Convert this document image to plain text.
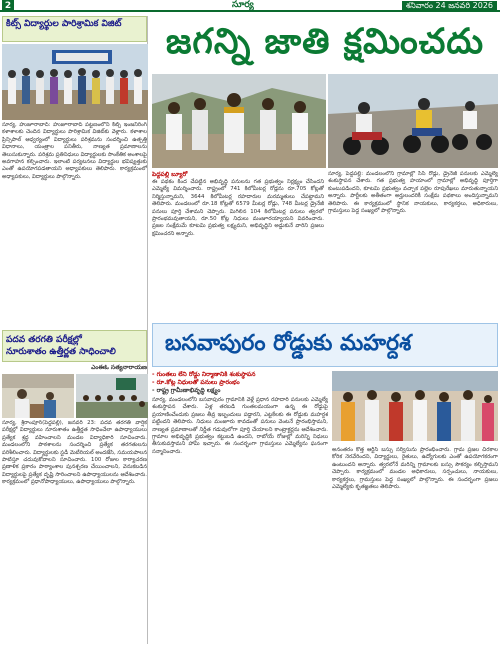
2	సూర్య	శనివారం 24 జనవరి 2026
కిట్స్ విద్యార్థుల పారిశ్రామిక విజిట్
సూర్య, హుజూరాబాద్: హుజూరాబాద్ పట్టణంలోని కిట్స్ ఇంజనీరింగ్ కళాశాలకు చెందిన విద్యార్థులు పారిశ్రామిక విజిట్‌కు వెళ్లారు. కళాశాల ప్రిన్సిపాల్ ఆధ్వర్యంలో విద్యార్థులు పరిశ్రమను సందర్శించి ఉత్పత్తి విధానాలు, యంత్రాల పనితీరు, నాణ్యత ప్రమాణాలను తెలుసుకున్నారు. పరిశ్రమ ప్రతినిధులు విద్యార్థులకు సాంకేతిక అంశాలపై అవగాహన కల్పించారు. ఇలాంటి పర్యటనలు విద్యార్థుల భవిష్యత్తుకు ఎంతో ఉపయోగపడతాయని అధ్యాపకులు తెలిపారు. కార్యక్రమంలో అధ్యాపకులు, విద్యార్థులు పాల్గొన్నారు.
పదవ తరగతి పరీక్షల్లో
నూరుశాతం ఉత్తీర్ణత సాధించాలి
ఎంఈఓ సత్యనారాయణ
సూర్య, శ్రీరాంపూర్(పెద్దపల్లి), జనవరి 23: పదవ తరగతి వార్షిక పరీక్షల్లో విద్యార్థులు నూరుశాతం ఉత్తీర్ణత సాధించేలా ఉపాధ్యాయులు ప్రత్యేక శ్రద్ధ వహించాలని మండల విద్యాధికారి సూచించారు. మండలంలోని పాఠశాలను సందర్శించి ప్రత్యేక తరగతులను పరిశీలించారు. విద్యార్థులకు స్టడీ మెటీరియల్ అందజేసి, సమయపాలన పాటిస్తూ చదువుకోవాలని సూచించారు. 100 రోజుల కార్యాచరణ ప్రణాళిక ప్రకారం పాఠ్యాంశాల పునశ్చరణ చేయించాలని, వెనుకబడిన విద్యార్థులపై ప్రత్యేక దృష్టి సారించాలని ఉపాధ్యాయులను ఆదేశించారు. కార్యక్రమంలో ప్రధానోపాధ్యాయులు, ఉపాధ్యాయులు పాల్గొన్నారు.
జగన్ని జాతి క్షమించదు
పెద్దపల్లి బ్యూరో
ఈ పథకం కింద చేపట్టిన అభివృద్ధి పనులను గత ప్రభుత్వం నిర్లక్ష్యం చేసిందని ఎమ్మెల్యే విమర్శించారు. రాష్ట్రంలో 741 కిలోమీటర్ల రోడ్లను రూ.705 కోట్లతో నిర్మిస్తున్నామని, 3644 కిలోమీటర్ల రహదారుల మరమ్మతులు చేపట్టామని తెలిపారు. మండలంలో రూ.18 కోట్లతో 6579 మీటర్ల రోడ్లు, 748 మీటర్ల డ్రైనేజీ పనులు పూర్తి చేశామని చెప్పారు. మిగిలిన 104 కిలోమీటర్ల పనులు త్వరలో ప్రారంభమవుతాయని, రూ.50 కోట్ల నిధులు మంజూరయ్యాయని వివరించారు. ప్రజల సంక్షేమమే కూటమి ప్రభుత్వ లక్ష్యమని, అభివృద్ధిని అడ్డుకునే వారిని ప్రజలు క్షమించరని అన్నారు.
సూర్య, పెద్దపల్లి: మండలంలోని గ్రామాల్లో సీసీ రోడ్లు, డ్రైనేజీ పనులకు ఎమ్మెల్యే శంకుస్థాపన చేశారు. గత ప్రభుత్వ హయాంలో గ్రామాల్లో అభివృద్ధి పూర్తిగా కుంటుపడిందని, కూటమి ప్రభుత్వం వచ్చాక పల్లెల రూపురేఖలు మారుతున్నాయని అన్నారు. పార్టీలకు అతీతంగా అర్హులందరికీ సంక్షేమ పథకాలు అందిస్తున్నామని తెలిపారు. ఈ కార్యక్రమంలో స్థానిక నాయకులు, కార్యకర్తలు, అధికారులు, గ్రామస్తులు పెద్ద సంఖ్యలో పాల్గొన్నారు.
బసవాపురం రోడ్డుకు మహర్దశ
- గుంతలు లేని రోడ్డు నిర్మాణానికి శంకుస్థాపన
- రూ.కోట్ల నిధులతో పనులు ప్రారంభం
- రాష్ట్ర గ్రామీణాభివృద్ధి లక్ష్యం
సూర్య, మండలంలోని బసవాపురం గ్రామానికి వెళ్లే ప్రధాన రహదారి పనులకు ఎమ్మెల్యే శంకుస్థాపన చేశారు. ఏళ్ల తరబడి గుంతలమయంగా ఉన్న ఈ రోడ్డుపై ప్రయాణించేందుకు ప్రజలు తీవ్ర ఇబ్బందులు పడ్డారని, ఎట్టకేలకు ఈ రోడ్డుకు మహర్దశ పట్టిందని తెలిపారు. నిధులు మంజూరు కావడంతో పనులు వెంటనే ప్రారంభిస్తామని, నాణ్యత ప్రమాణాలతో నిర్ణీత గడువులోగా పూర్తి చేయాలని కాంట్రాక్టర్లను ఆదేశించారు. గ్రామాల అభివృద్ధికి ప్రభుత్వం కట్టుబడి ఉందని, రాబోయే రోజుల్లో మరిన్ని నిధులు తీసుకువస్తామని హామీ ఇచ్చారు. ఈ సందర్భంగా గ్రామస్తులు ఎమ్మెల్యేను ఘనంగా సన్మానించారు.	అనంతరం కొత్త ఆర్టీసీ బస్సు సర్వీసును ప్రారంభించారు. గ్రామ ప్రజల చిరకాల కోరిక నెరవేరిందని, విద్యార్థులు, రైతులు, ఉద్యోగులకు ఎంతో ఉపయోగకరంగా ఉంటుందని అన్నారు. త్వరలోనే మరిన్ని గ్రామాలకు బస్సు సౌకర్యం కల్పిస్తామని చెప్పారు. కార్యక్రమంలో మండల అధికారులు, సర్పంచులు, నాయకులు, కార్యకర్తలు, గ్రామస్తులు పెద్ద సంఖ్యలో పాల్గొన్నారు. ఈ సందర్భంగా ప్రజలు ఎమ్మెల్యేకు కృతజ్ఞతలు తెలిపారు.
